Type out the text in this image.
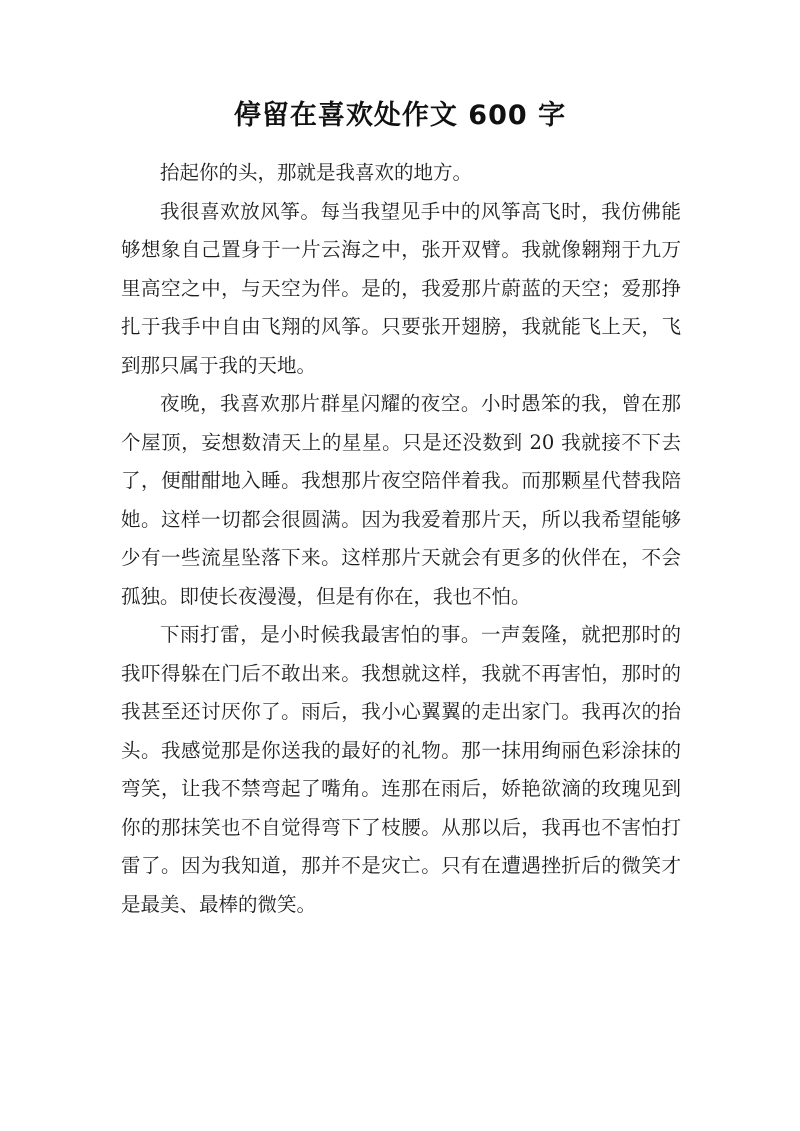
停留在喜欢处作文 600 字

抬起你的头，那就是我喜欢的地方。

我很喜欢放风筝。每当我望见手中的风筝高飞时，我仿佛能够想象自己置身于一片云海之中，张开双臂。我就像翱翔于九万里高空之中，与天空为伴。是的，我爱那片蔚蓝的天空；爱那挣扎于我手中自由飞翔的风筝。只要张开翅膀，我就能飞上天，飞到那只属于我的天地。

夜晚，我喜欢那片群星闪耀的夜空。小时愚笨的我，曾在那个屋顶，妄想数清天上的星星。只是还没数到 20 我就接不下去了，便酣酣地入睡。我想那片夜空陪伴着我。而那颗星代替我陪她。这样一切都会很圆满。因为我爱着那片天，所以我希望能够少有一些流星坠落下来。这样那片天就会有更多的伙伴在，不会孤独。即使长夜漫漫，但是有你在，我也不怕。

下雨打雷，是小时候我最害怕的事。一声轰隆，就把那时的我吓得躲在门后不敢出来。我想就这样，我就不再害怕，那时的我甚至还讨厌你了。雨后，我小心翼翼的走出家门。我再次的抬头。我感觉那是你送我的最好的礼物。那一抹用绚丽色彩涂抹的弯笑，让我不禁弯起了嘴角。连那在雨后，娇艳欲滴的玫瑰见到你的那抹笑也不自觉得弯下了枝腰。从那以后，我再也不害怕打雷了。因为我知道，那并不是灾亡。只有在遭遇挫折后的微笑才是最美、最棒的微笑。
